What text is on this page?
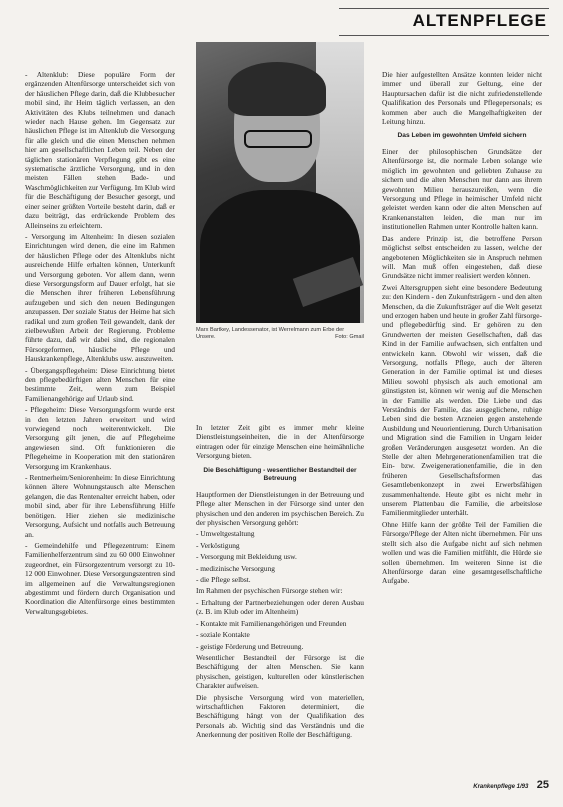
ALTENPFLEGE

- Altenklub: Diese populäre Form der ergänzenden Altenfürsorge unterscheidet sich von der häuslichen Pflege darin, daß die Klubbesucher mobil sind, ihr Heim täglich verlassen, an den Aktivitäten des Klubs teilnehmen und danach wieder nach Hause gehen. Im Gegensatz zur häuslichen Pflege ist im Altenklub die Versorgung für alle gleich und die einen Menschen nehmen hier am gesellschaftlichen Leben teil. Neben der täglichen stationären Verpflegung gibt es eine systematische ärztliche Versorgung, und in den meisten Fällen stehen Bade- und Waschmöglichkeiten zur Verfügung. Im Klub wird für die Beschäftigung der Besucher gesorgt, und einer seiner größten Vorteile besteht darin, daß er dazu beiträgt, das erdrückende Problem des Alleinseins zu erleichtern.

- Versorgung im Altenheim: In diesen sozialen Einrichtungen wird denen, die eine im Rahmen der häuslichen Pflege oder des Altenklubs nicht ausreichende Hilfe erhalten können, Unterkunft und Versorgung geboten. Vor allem dann, wenn diese Versorgungsform auf Dauer erfolgt, hat sie die Menschen ihrer früheren Lebensführung aufzugeben und sich den neuen Bedingungen anzupassen. Der soziale Status der Heime hat sich radikal und zum großen Teil gewandelt, dank der zielbewußten Arbeit der Regierung. Probleme führte dazu, daß wir dabei sind, die regionalen Fürsorgeformen, häusliche Pflege und Hauskrankenpflege, Altenklubs usw. auszuweiten.

- Übergangspflegeheim: Diese Einrichtung bietet den pflegebedürftigen alten Menschen für eine bestimmte Zeit, wenn zum Beispiel Familienangehörige auf Urlaub sind.

- Pflegeheim: Diese Versorgungsform wurde erst in den letzten Jahren erweitert und wird vorwiegend noch weiterentwickelt. Die Versorgung gilt jenen, die auf Pflegeheime angewiesen sind. Oft funktionieren die Pflegeheime in Kooperation mit den stationären Versorgung im Krankenhaus.

- Rentnerheim/Seniorenheim: In diese Einrichtung können ältere Wohnungstausch alte Menschen gelangen, die das Rentenalter erreicht haben, oder mobil sind, aber für ihre Lebensführung Hilfe benötigen. Hier ziehen sie medizinische Versorgung, Aufsicht und notfalls auch Betreuung an.

- Gemeindehilfe und Pflegezentrum: Einem Familienhelferzentrum sind zu 60 000 Einwohner zugeordnet, ein Fürsorgezentrum versorgt zu 10-12 000 Einwohner. Diese Versorgungszentren sind im allgemeinen auf die Verwaltungsregionen abgestimmt und fördern durch Organisation und Koordination die Altenfürsorge eines bestimmten Verwaltungsgebietes.

Marx Bartkey, Landessenator, ist Werrelmann zum Erbe der Unsere.	Foto: Gmail

In letzter Zeit gibt es immer mehr kleine Dienstleistungseinheiten, die in der Altenfürsorge eintragen oder für einzige Menschen eine heimähnliche Versorgung bieten.

Die Beschäftigung - wesentlicher Bestandteil der Betreuung

Hauptformen der Dienstleistungen in der Betreuung und Pflege alter Menschen in der Fürsorge sind unter den physischen und den anderen im psychischen Bereich. Zu der physischen Versorgung gehört:

- Umweltgestaltung

- Verköstigung

- Versorgung mit Bekleidung usw.

- medizinische Versorgung

- die Pflege selbst.

Im Rahmen der psychischen Fürsorge stehen wir:

- Erhaltung der Partnerbeziehungen oder deren Ausbau (z. B. im Klub oder im Altenheim)

- Kontakte mit Familienangehörigen und Freunden

- soziale Kontakte

- geistige Förderung und Betreuung.

Wesentlicher Bestandteil der Fürsorge ist die Beschäftigung der alten Menschen. Sie kann physischen, geistigen, kulturellen oder künstlerischen Charakter aufweisen.

Die physische Versorgung wird von materiellen, wirtschaftlichen Faktoren determiniert, die Beschäftigung hängt von der Qualifikation des Personals ab. Wichtig sind das Verständnis und die Anerkennung der positiven Rolle der Beschäftigung.

Die hier aufgestellten Ansätze konnten leider nicht immer und überall zur Geltung, eine der Hauptursachen dafür ist die nicht zufriedenstellende Qualifikation des Personals und Pflegepersonals; es kommen aber auch die Mangelhaftigkeiten der Leitung hinzu.

Das Leben im gewohnten Umfeld sichern

Einer der philosophischen Grundsätze der Altenfürsorge ist, die normale Leben solange wie möglich im gewohnten und geliebten Zuhause zu sichern und die alten Menschen nur dann aus ihrem gewohnten Milieu herauszureißen, wenn die Versorgung und Pflege in heimischer Umfeld nicht geleistet werden kann oder die alten Menschen auf Krankenanstalten leiden, die man nur im institutionellen Rahmen unter Kontrolle halten kann.

Das andere Prinzip ist, die betroffene Person möglichst selbst entscheiden zu lassen, welche der angebotenen Möglichkeiten sie in Anspruch nehmen will. Man muß offen eingestehen, daß diese Grundsätze nicht immer realisiert werden können.

Zwei Altersgruppen sieht eine besondere Bedeutung zu: den Kindern - den Zukunftsträgern - und den alten Menschen, da die Zukunftsträger auf die Welt gesetzt und erzogen haben und heute in großer Zahl fürsorge- und pflegebedürftig sind. Er gehören zu den Grundwerten der meisten Gesellschaften, daß das Kind in der Familie aufwachsen, sich entfalten und entwickeln kann. Obwohl wir wissen, daß die Versorgung, notfalls Pflege, auch der älteren Generation in der Familie optimal ist und dieses Milieu sowohl physisch als auch emotional am günstigsten ist, können wir wenig auf die Menschen in der Familie als werden. Die Liebe und das Verständnis der Familie, das ausgeglichene, ruhige Leben sind die besten Arzneien gegen anstehende Ausbildung und Neuorientierung. Durch Urbanisation und Migration sind die Familien in Ungarn leider großen Veränderungen ausgesetzt worden. An die Stelle der alten Mehrgenerationenfamilien trat die Ein- bzw. Zweigenerationenfamilie, die in den früheren Gesellschaftsformen das Gesamtlebenkonzept in zwei Erwerbsfähigen zusammenhaltende. Heute gibt es nicht mehr in unserem Plattenbau die Familie, die arbeitslose Familienmitglieder unterhält.

Ohne Hilfe kann der größte Teil der Familien die Fürsorge/Pflege der Alten nicht übernehmen. Für uns stellt sich also die Aufgabe nicht auf sich nehmen wollen und was die Familien mitfühlt, die Hürde sie sollen übernehmen. Im weiteren Sinne ist die Altenfürsorge daran eine gesamtgesellschaftliche Aufgabe.

Krankenpflege 1/93 25
